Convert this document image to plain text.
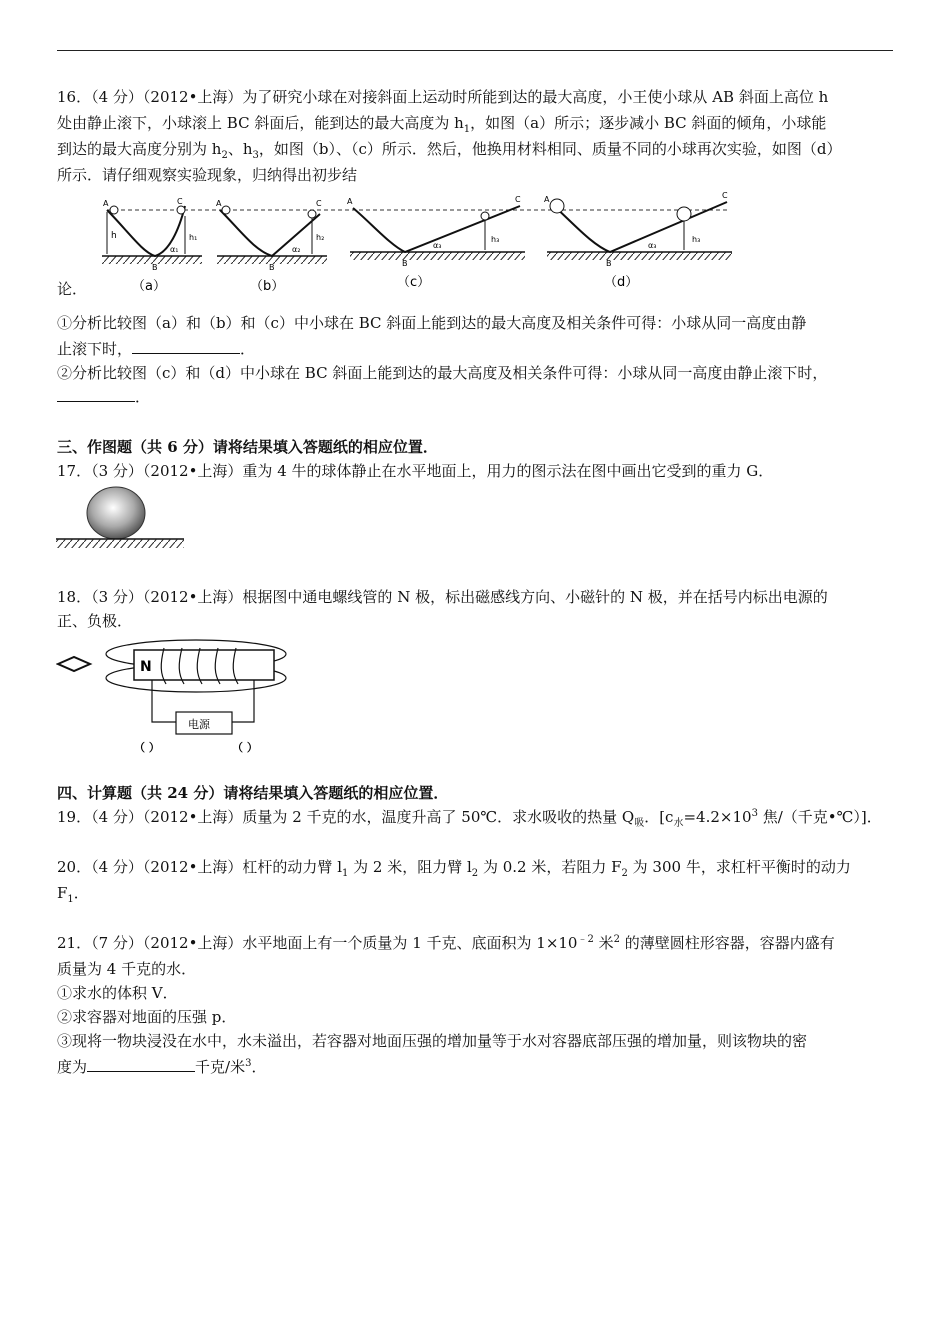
16．（4 分）（2012•上海）为了研究小球在对接斜面上运动时所能到达的最大高度，小王使小球从 AB 斜面上高位 h

处由静止滚下，小球滚上 BC 斜面后，能到达的最大高度为 $h_1$，如图（a）所示；逐步减小 BC 斜面的倾角，小球能

到达的最大高度分别为 $h_2$、$h_3$，如图（b）、（c）所示．然后，他换用材料相同、质量不同的小球再次实验，如图（d）

所示．请仔细观察实验现象，归纳得出初步结

A	C
h	h₁
α₁
B
（a）
A	C
h₂
α₂
B
（b）
A	C
h₃
α₃
B
（c）
A	C
h₃
α₃
B
（d）

论．

①分析比较图（a）和（b）和（c）中小球在 BC 斜面上能到达的最大高度及相关条件可得：小球从同一高度由静

止滚下时，	．

②分析比较图（c）和（d）中小球在 BC 斜面上能到达的最大高度及相关条件可得：小球从同一高度由静止滚下时，

．

三、作图题（共 6 分）请将结果填入答题纸的相应位置．

17．（3 分）（2012•上海）重为 4 牛的球体静止在水平地面上，用力的图示法在图中画出它受到的重力 G．

18．（3 分）（2012•上海）根据图中通电螺线管的 N 极，标出磁感线方向、小磁针的 N 极，并在括号内标出电源的

正、负极．

N
电源
（ ）	（ ）

四、计算题（共 24 分）请将结果填入答题纸的相应位置．

19．（4 分）（2012•上海）质量为 2 千克的水，温度升高了 50℃．求水吸收的热量 $Q_吸$．[$c_水=4.2\times 10^3$ 焦/（千克•℃）]．

20．（4 分）（2012•上海）杠杆的动力臂 $l_1$ 为 2 米，阻力臂 $l_2$ 为 0.2 米，若阻力 $F_2$ 为 300 牛，求杠杆平衡时的动力

$F_1$．

21．（7 分）（2012•上海）水平地面上有一个质量为 1 千克、底面积为 $1\times 10^{﹣2}$ 米$^2$ 的薄壁圆柱形容器，容器内盛有

质量为 4 千克的水．

①求水的体积 V．

②求容器对地面的压强 p．

③现将一物块浸没在水中，水未溢出，若容器对地面压强的增加量等于水对容器底部压强的增加量，则该物块的密

度为	千克/米$^3$．
